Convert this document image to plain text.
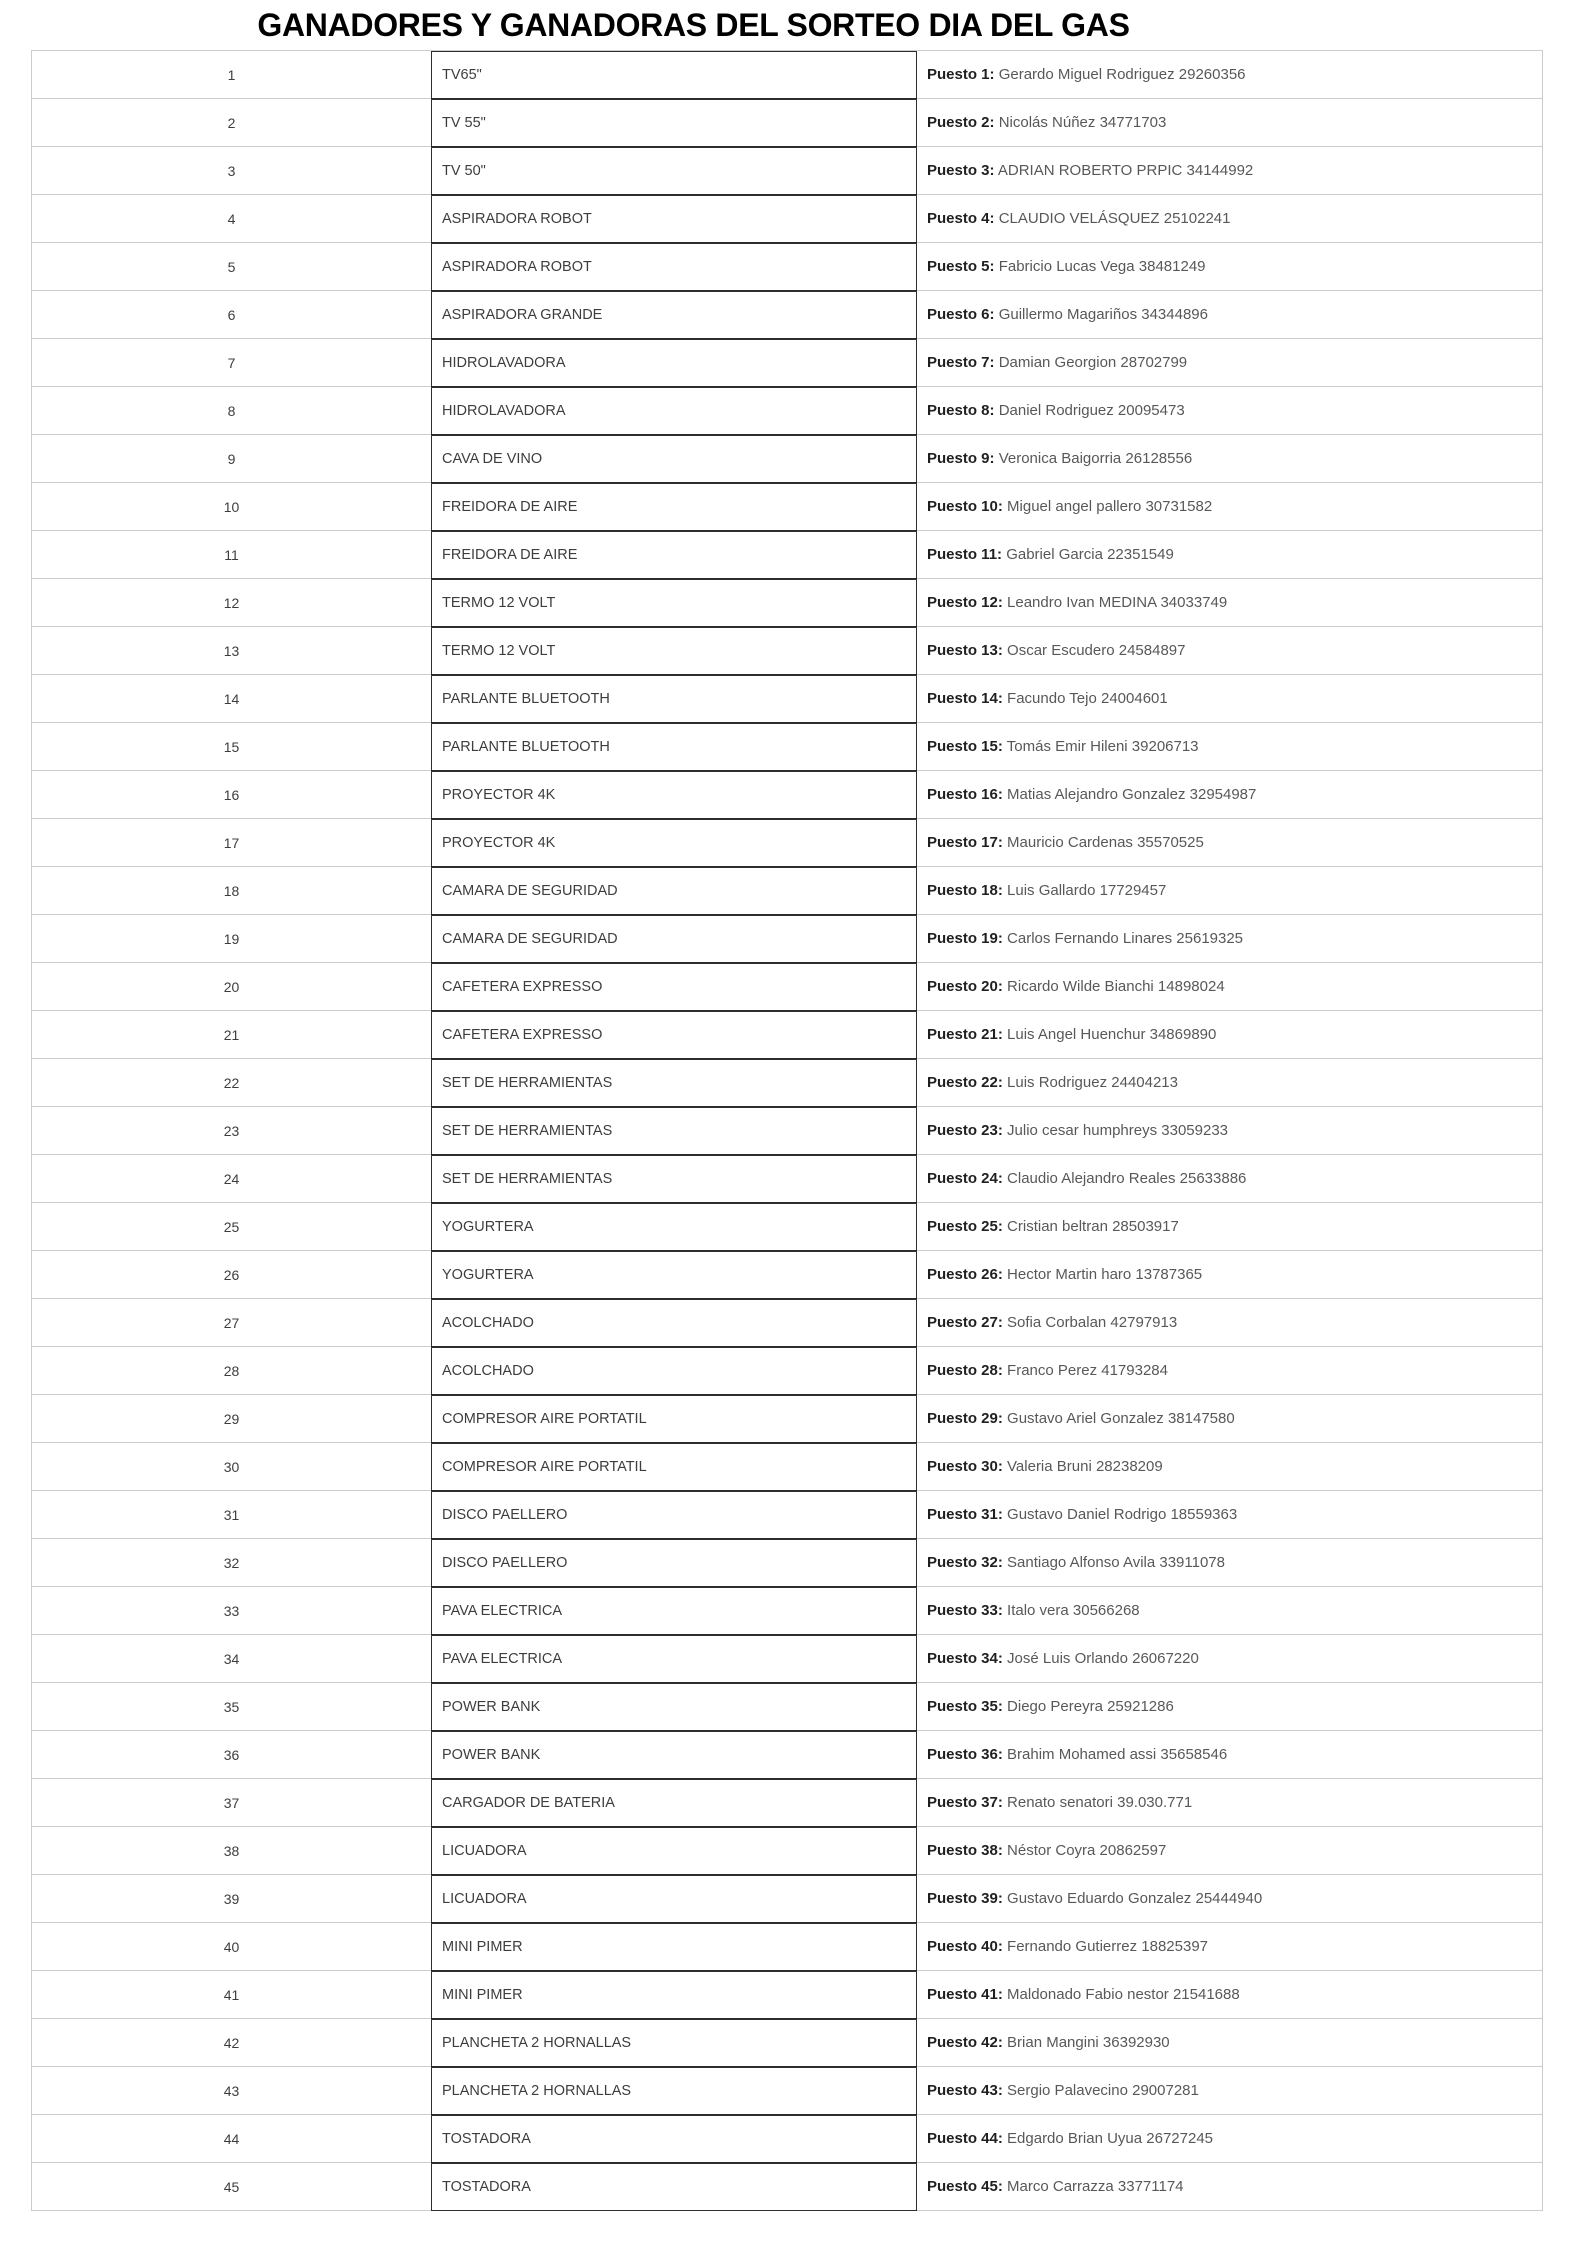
GANADORES Y GANADORAS DEL SORTEO DIA DEL GAS
1	TV65"	Puesto 1: Gerardo Miguel Rodriguez 29260356
2	TV 55"	Puesto 2: Nicolás Núñez 34771703
3	TV 50"	Puesto 3: ADRIAN ROBERTO PRPIC 34144992
4	ASPIRADORA ROBOT	Puesto 4: CLAUDIO VELÁSQUEZ 25102241
5	ASPIRADORA ROBOT	Puesto 5: Fabricio Lucas Vega 38481249
6	ASPIRADORA GRANDE	Puesto 6: Guillermo Magariños 34344896
7	HIDROLAVADORA	Puesto 7: Damian Georgion 28702799
8	HIDROLAVADORA	Puesto 8: Daniel Rodriguez 20095473
9	CAVA DE VINO	Puesto 9: Veronica Baigorria 26128556
10	FREIDORA DE AIRE	Puesto 10: Miguel angel pallero 30731582
11	FREIDORA DE AIRE	Puesto 11: Gabriel Garcia 22351549
12	TERMO 12 VOLT	Puesto 12: Leandro Ivan MEDINA 34033749
13	TERMO 12 VOLT	Puesto 13: Oscar Escudero 24584897
14	PARLANTE BLUETOOTH	Puesto 14: Facundo Tejo 24004601
15	PARLANTE BLUETOOTH	Puesto 15: Tomás Emir Hileni 39206713
16	PROYECTOR 4K	Puesto 16: Matias Alejandro Gonzalez 32954987
17	PROYECTOR 4K	Puesto 17: Mauricio Cardenas 35570525
18	CAMARA DE SEGURIDAD	Puesto 18: Luis Gallardo 17729457
19	CAMARA DE SEGURIDAD	Puesto 19: Carlos Fernando Linares 25619325
20	CAFETERA EXPRESSO	Puesto 20: Ricardo Wilde Bianchi 14898024
21	CAFETERA EXPRESSO	Puesto 21: Luis Angel Huenchur 34869890
22	SET DE HERRAMIENTAS	Puesto 22: Luis Rodriguez 24404213
23	SET DE HERRAMIENTAS	Puesto 23: Julio cesar humphreys 33059233
24	SET DE HERRAMIENTAS	Puesto 24: Claudio Alejandro Reales 25633886
25	YOGURTERA	Puesto 25: Cristian beltran 28503917
26	YOGURTERA	Puesto 26: Hector Martin haro 13787365
27	ACOLCHADO	Puesto 27: Sofia Corbalan 42797913
28	ACOLCHADO	Puesto 28: Franco Perez 41793284
29	COMPRESOR AIRE PORTATIL	Puesto 29: Gustavo Ariel Gonzalez 38147580
30	COMPRESOR AIRE PORTATIL	Puesto 30: Valeria Bruni 28238209
31	DISCO PAELLERO	Puesto 31: Gustavo Daniel Rodrigo 18559363
32	DISCO PAELLERO	Puesto 32: Santiago Alfonso Avila 33911078
33	PAVA ELECTRICA	Puesto 33: Italo vera 30566268
34	PAVA ELECTRICA	Puesto 34: José Luis Orlando 26067220
35	POWER BANK	Puesto 35: Diego Pereyra 25921286
36	POWER BANK	Puesto 36: Brahim Mohamed assi 35658546
37	CARGADOR DE BATERIA	Puesto 37: Renato senatori 39.030.771
38	LICUADORA	Puesto 38: Néstor Coyra 20862597
39	LICUADORA	Puesto 39: Gustavo Eduardo Gonzalez 25444940
40	MINI PIMER	Puesto 40: Fernando Gutierrez 18825397
41	MINI PIMER	Puesto 41: Maldonado Fabio nestor 21541688
42	PLANCHETA 2 HORNALLAS	Puesto 42: Brian Mangini 36392930
43	PLANCHETA 2 HORNALLAS	Puesto 43: Sergio Palavecino 29007281
44	TOSTADORA	Puesto 44: Edgardo Brian Uyua 26727245
45	TOSTADORA	Puesto 45: Marco Carrazza 33771174
